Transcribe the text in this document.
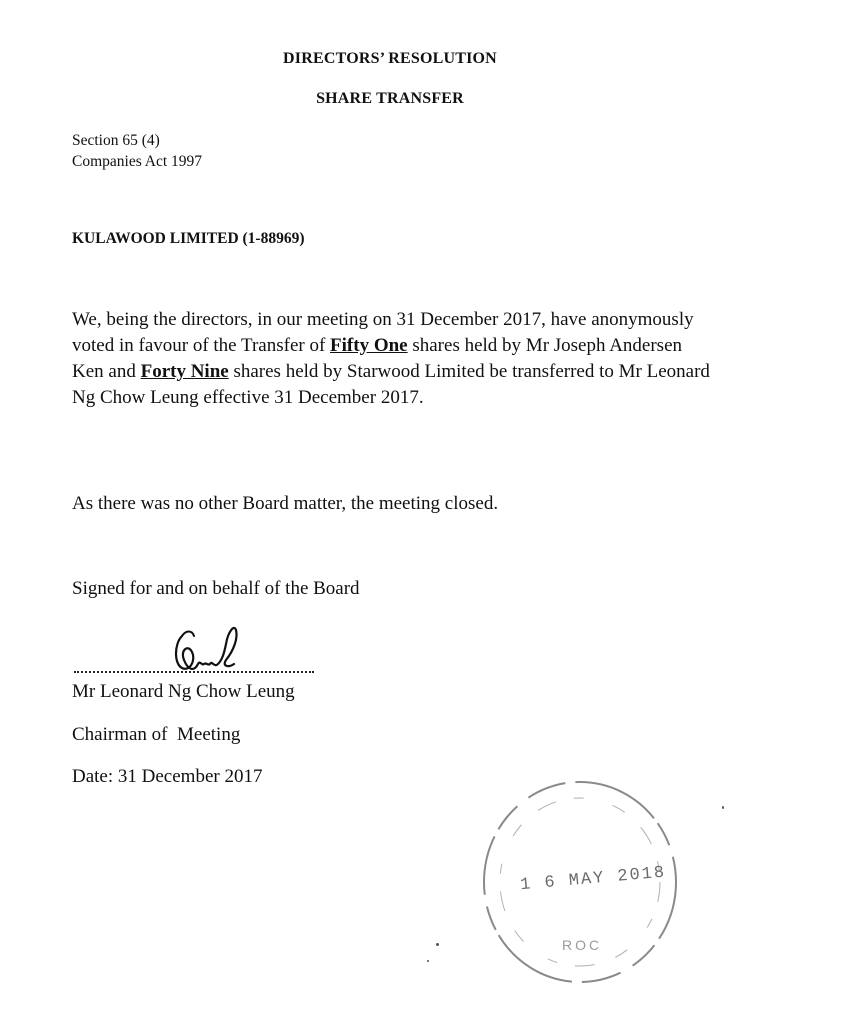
DIRECTORS’ RESOLUTION
SHARE TRANSFER
Section 65 (4)
Companies Act 1997
KULAWOOD LIMITED (1-88969)
We, being the directors, in our meeting on 31 December 2017, have anonymously voted in favour of the Transfer of Fifty One shares held by Mr Joseph Andersen Ken and Forty Nine shares held by Starwood Limited be transferred to Mr Leonard Ng Chow Leung effective 31 December 2017.
As there was no other Board matter, the meeting closed.
Signed for and on behalf of the Board
Mr Leonard Ng Chow Leung
Chairman of  Meeting
Date: 31 December 2017
1 6 MAY 2018
ROC
